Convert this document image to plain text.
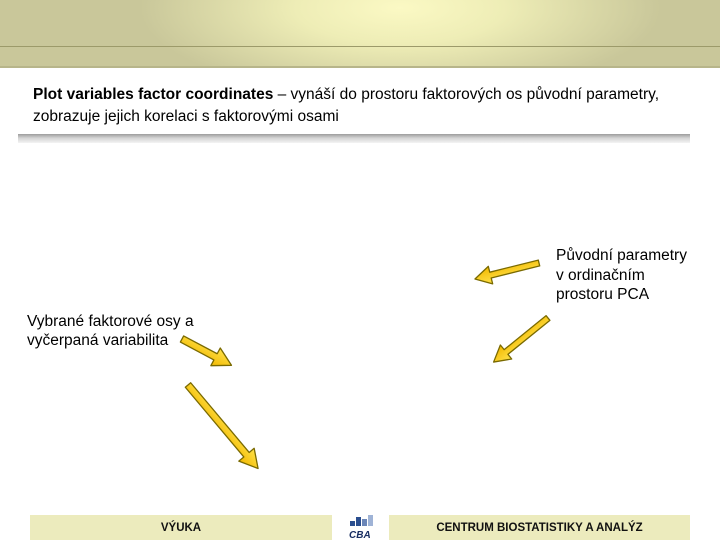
Plot variables factor coordinates – vynáší do prostoru faktorových os původní parametry, zobrazuje jejich korelaci s faktorovými osami
Vybrané faktorové osy a vyčerpaná variabilita
Původní parametry v ordinačním prostoru PCA
VÝUKA
CBA
CENTRUM BIOSTATISTIKY A ANALÝZ
